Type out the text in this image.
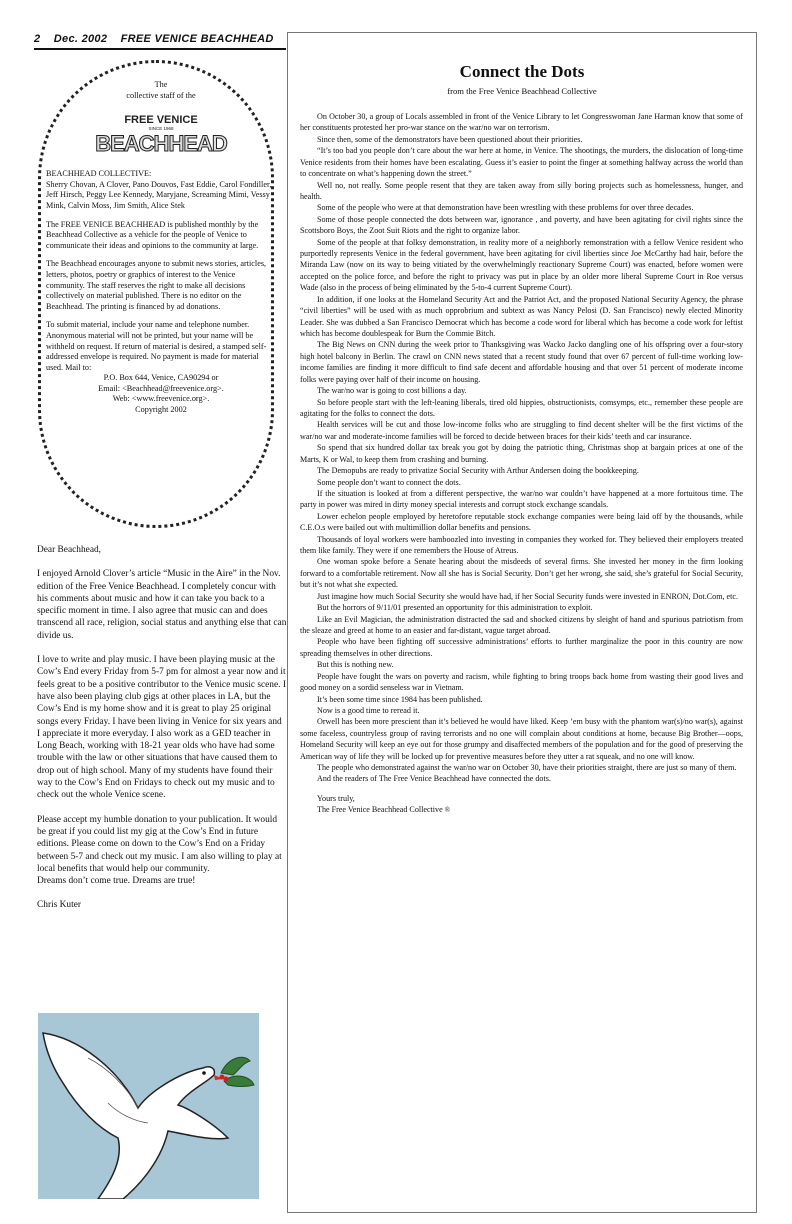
2 Dec. 2002 FREE VENICE BEACHHEAD
The
collective staff of the
FREE VENICE
SINCE 1968
BEACHHEAD

BEACHHEAD COLLECTIVE:
Sherry Chovan, A Clover, Pano Douvos, Fast Eddie, Carol Fondiller, Jeff Hirsch, Peggy Lee Kennedy, Maryjane, Screaming Mimi, Vessy Mink, Calvin Moss, Jim Smith, Alice Stek

The FREE VENICE BEACHHEAD is published monthly by the Beachhead Collective as a vehicle for the people of Venice to communicate their ideas and opinions to the community at large.

The Beachhead encourages anyone to submit news stories, articles, letters, photos, poetry or graphics of interest to the Venice community. The staff reserves the right to make all decisions collectively on material published. There is no editor on the Beachhead. The printing is financed by ad donations.

To submit material, include your name and telephone number. Anonymous material will not be printed, but your name will be withheld on request. If return of material is desired, a stamped self-addressed envelope is required. No payment is made for material used. Mail to:

P.O. Box 644, Venice, CA90294 or
Email: <Beachhead@freevenice.org>.
Web: <www.freevenice.org>.
Copyright 2002

Dear Beachhead,

I enjoyed Arnold Clover’s article “Music in the Aire” in the Nov. edition of the Free Venice Beachhead. I completely concur with his comments about music and how it can take you back to a specific moment in time. I also agree that music can and does transcend all race, religion, social status and anything else that can divide us.

I love to write and play music. I have been playing music at the Cow’s End every Friday from 5-7 pm for almost a year now and it feels great to be a positive contributor to the Venice music scene. I have also been playing club gigs at other places in LA, but the Cow’s End is my home show and it is great to play 25 original songs every Friday. I have been living in Venice for six years and I appreciate it more everyday. I also work as a GED teacher in Long Beach, working with 18-21 year olds who have had some trouble with the law or other situations that have caused them to drop out of high school. Many of my students have found their way to the Cow’s End on Fridays to check out my music and to check out the whole Venice scene.

Please accept my humble donation to your publication. It would be great if you could list my gig at the Cow’s End in future editions. Please come on down to the Cow’s End on a Friday between 5-7 and check out my music. I am also willing to play at local benefits that would help our community.

Dreams don’t come true. Dreams are true!

Chris Kuter

Connect the Dots
from the Free Venice Beachhead Collective

On October 30, a group of Locals assembled in front of the Venice Library to let Congresswoman Jane Harman know that some of her constituents protested her pro-war stance on the war/no war on terrorism.

Since then, some of the demonstrators have been questioned about their priorities.

“It’s too bad you people don’t care about the war here at home, in Venice. The shootings, the murders, the dislocation of long-time Venice residents from their homes have been escalating. Guess it’s easier to point the finger at something halfway across the world than to concentrate on what’s happening down the street.”

Well no, not really. Some people resent that they are taken away from silly boring projects such as homelessness, hunger, and health.

Some of the people who were at that demonstration have been wrestling with these problems for over three decades.

Some of those people connected the dots between war, ignorance , and poverty, and have been agitating for civil rights since the Scottsboro Boys, the Zoot Suit Riots and the right to organize labor.

Some of the people at that folksy demonstration, in reality more of a neighborly remonstration with a fellow Venice resident who purportedly represents Venice in the federal government, have been agitating for civil liberties since Joe McCarthy had hair, before the Miranda Law (now on its way to being vitiated by the overwhelmingly reactionary Supreme Court) was enacted, before women were accepted on the police force, and before the right to privacy was put in place by an older more liberal Supreme Court in Roe versus Wade (also in the process of being eliminated by the 5-to-4 current Supreme Court).

In addition, if one looks at the Homeland Security Act and the Patriot Act, and the proposed National Security Agency, the phrase “civil liberties” will be used with as much opprobrium and subtext as was Nancy Pelosi (D. San Francisco) newly elected Minority Leader. She was dubbed a San Francisco Democrat which has become a code word for liberal which has become a code work for leftist which has become doublespeak for Burn the Commie Bitch.

The Big News on CNN during the week prior to Thanksgiving was Wacko Jacko dangling one of his offspring over a four-story high hotel balcony in Berlin. The crawl on CNN news stated that a recent study found that over 67 percent of full-time working low-income families are finding it more difficult to find safe decent and affordable housing and that over 51 percent of moderate income folks were paying over half of their income on housing.

The war/no war is going to cost billions a day.

So before people start with the left-leaning liberals, tired old hippies, obstructionists, comsymps, etc., remember these people are agitating for the folks to connect the dots.

Health services will be cut and those low-income folks who are struggling to find decent shelter will be the first victims of the war/no war and moderate-income families will be forced to decide between braces for their kids’ teeth and car insurance.

So spend that six hundred dollar tax break you got by doing the patriotic thing, Christmas shop at bargain prices at one of the Marts, K or Wal, to keep them from crashing and burning.

The Demopubs are ready to privatize Social Security with Arthur Andersen doing the bookkeeping.

Some people don’t want to connect the dots.

If the situation is looked at from a different perspective, the war/no war couldn’t have happened at a more fortuitous time. The party in power was mired in dirty money special interests and corrupt stock exchange scandals.

Lower echelon people employed by heretofore reputable stock exchange companies were being laid off by the thousands, while C.E.O.s were bailed out with multimillion dollar benefits and pensions.

Thousands of loyal workers were bamboozled into investing in companies they worked for. They believed their employers treated them like family. They were if one remembers the House of Atreus.

One woman spoke before a Senate hearing about the misdeeds of several firms. She invested her money in the firm looking forward to a comfortable retirement. Now all she has is Social Security. Don’t get her wrong, she said, she’s grateful for Social Security, but it’s not what she expected.

Just imagine how much Social Security she would have had, if her Social Security funds were invested in ENRON, Dot.Com, etc.

But the horrors of 9/11/01 presented an opportunity for this administration to exploit.

Like an Evil Magician, the administration distracted the sad and shocked citizens by sleight of hand and spurious patriotism from the sleaze and greed at home to an easier and far-distant, vague target abroad.

People who have been fighting off successive administrations’ efforts to further marginalize the poor in this country are now spreading themselves in other directions.

But this is nothing new.

People have fought the wars on poverty and racism, while fighting to bring troops back home from wasting their good lives and good money on a sordid senseless war in Vietnam.

It’s been some time since 1984 has been published.

Now is a good time to reread it.

Orwell has been more prescient than it’s believed he would have liked. Keep ’em busy with the phantom war(s)/no war(s), against some faceless, countryless group of raving terrorists and no one will complain about conditions at home, because Big Brother—oops, Homeland Security will keep an eye out for those grumpy and disaffected members of the population and for the good of preserving the American way of life they will be locked up for preventive measures before they utter a rat squeak, and no one will know.

The people who demonstrated against the war/no war on October 30, have their priorities straight, there are just so many of them.

And the readers of The Free Venice Beachhead have connected the dots.

Yours truly,

The Free Venice Beachhead Collective ®
